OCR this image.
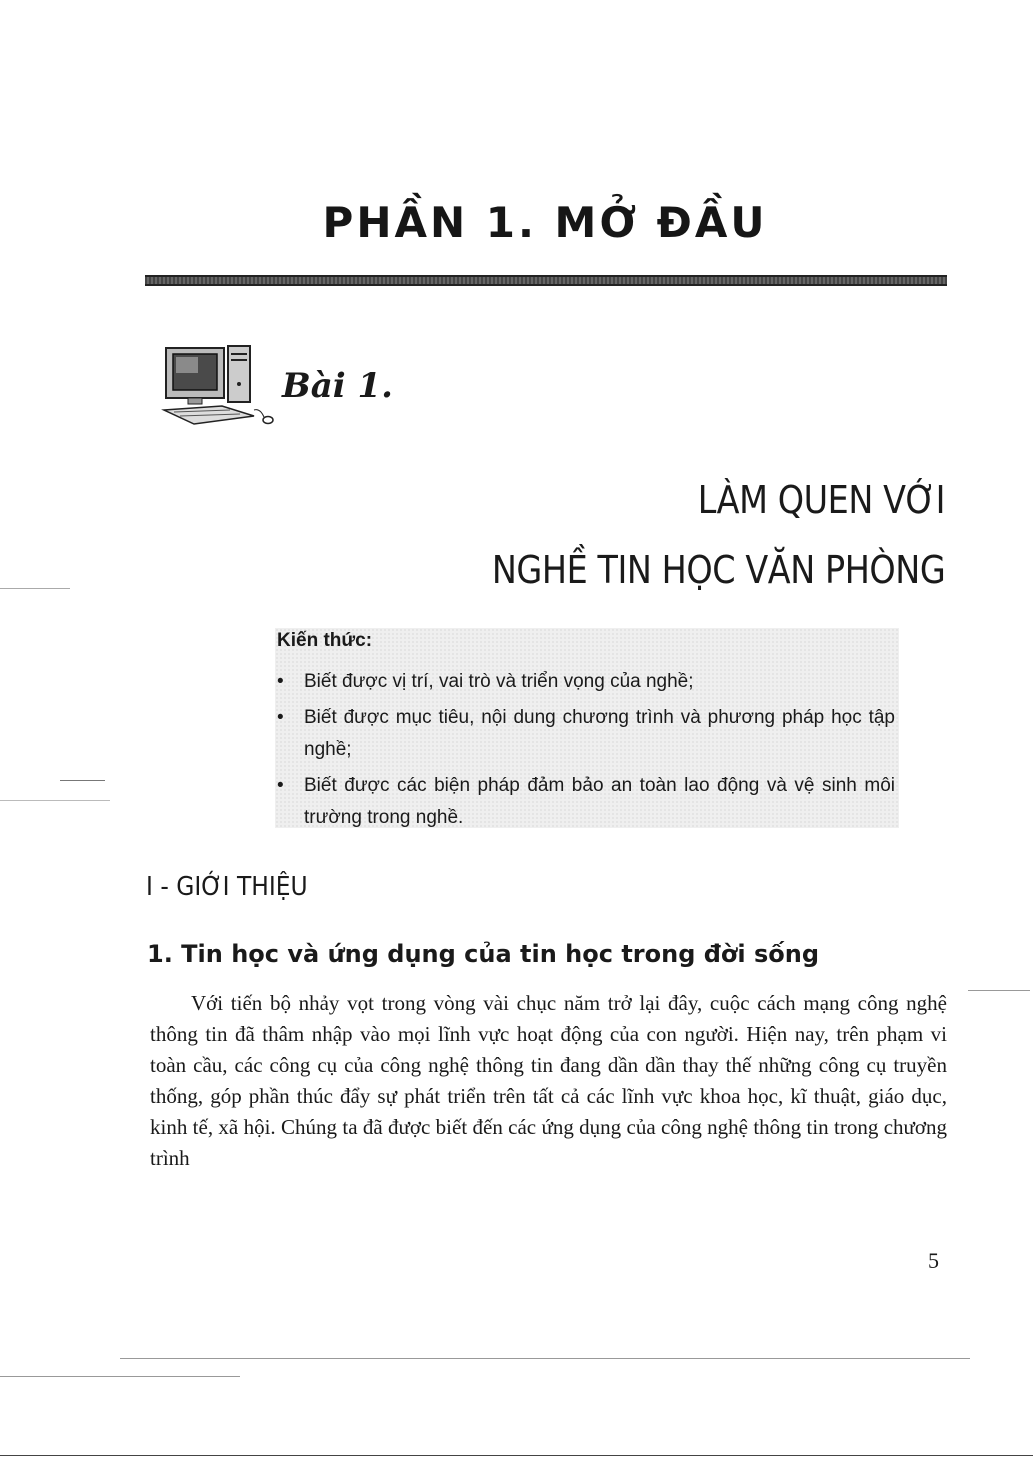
PHẦN 1. MỞ ĐẦU
Bài 1.
LÀM QUEN VỚI
NGHỀ TIN HỌC VĂN PHÒNG
Kiến thức:
•	Biết được vị trí, vai trò và triển vọng của nghề;
•	Biết được mục tiêu, nội dung chương trình và phương pháp học tập nghề;
•	Biết được các biện pháp đảm bảo an toàn lao động và vệ sinh môi trường trong nghề.
I - GIỚI THIỆU
1. Tin học và ứng dụng của tin học trong đời sống
Với tiến bộ nhảy vọt trong vòng vài chục năm trở lại đây, cuộc cách mạng công nghệ thông tin đã thâm nhập vào mọi lĩnh vực hoạt động của con người. Hiện nay, trên phạm vi toàn cầu, các công cụ của công nghệ thông tin đang dần dần thay thế những công cụ truyền thống, góp phần thúc đẩy sự phát triển trên tất cả các lĩnh vực khoa học, kĩ thuật, giáo dục, kinh tế, xã hội. Chúng ta đã được biết đến các ứng dụng của công nghệ thông tin trong chương trình
5
